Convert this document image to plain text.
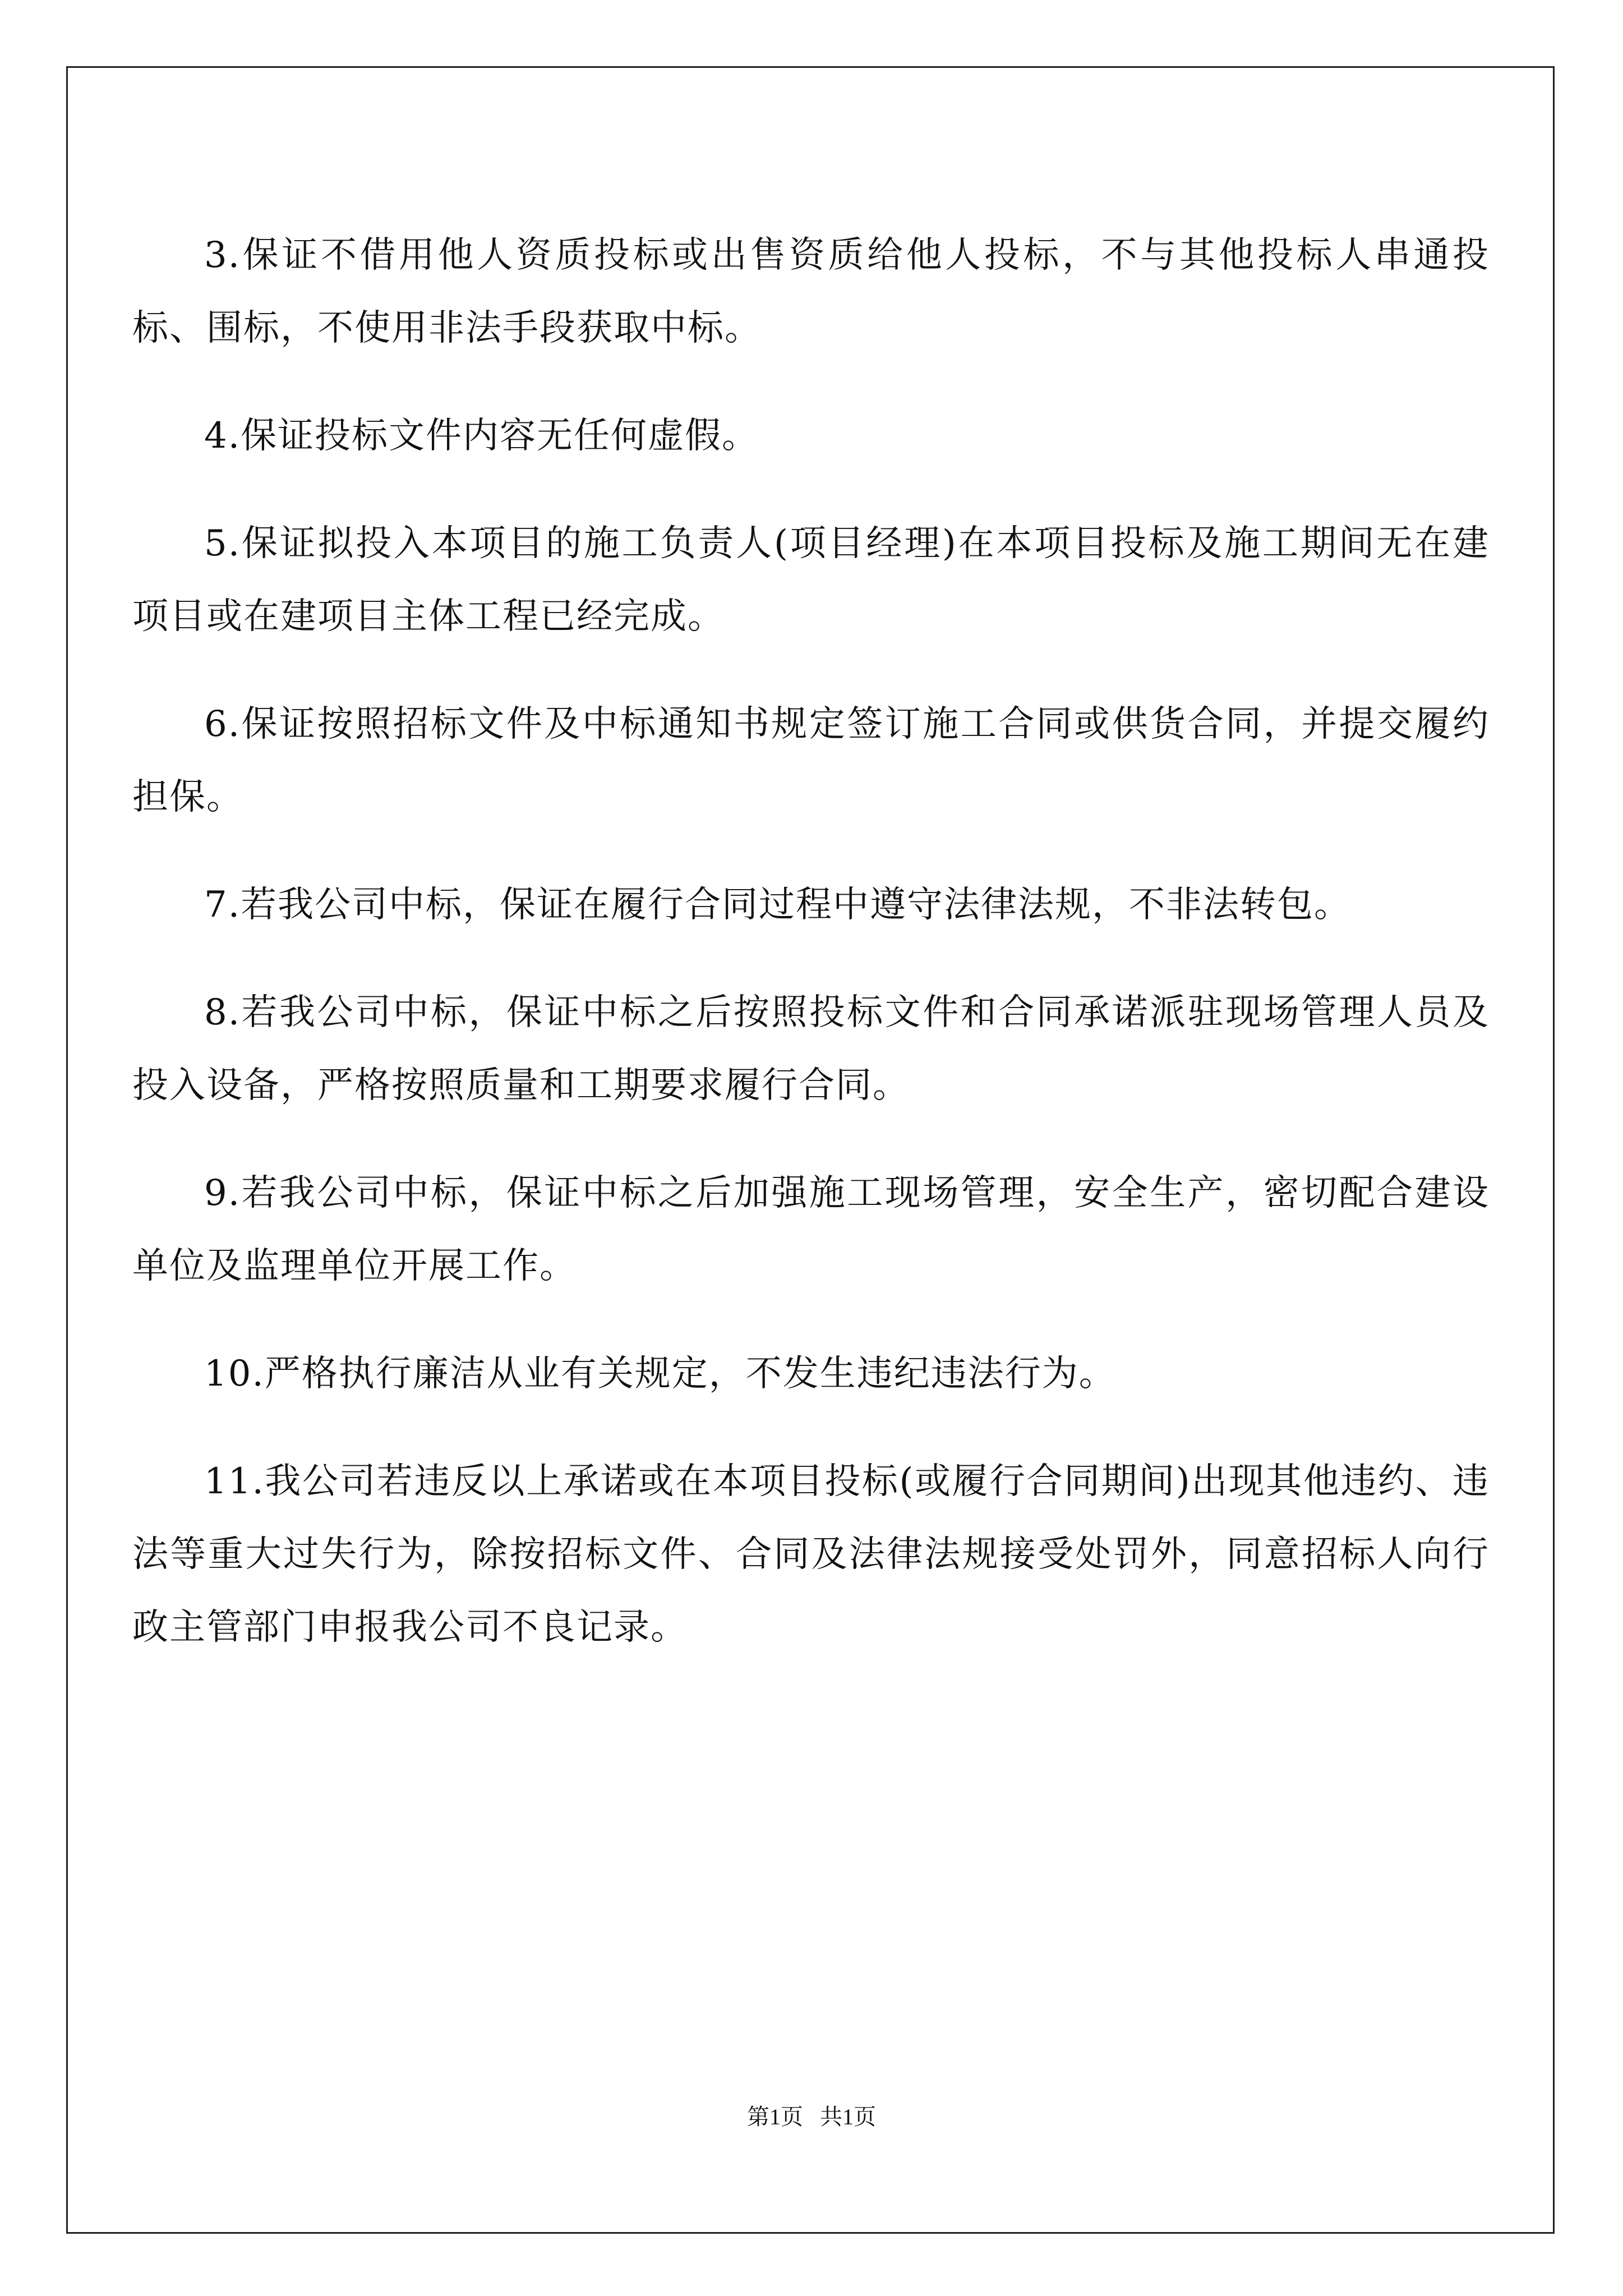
3.保证不借用他人资质投标或出售资质给他人投标，不与其他投标人串通投标、围标，不使用非法手段获取中标。

4.保证投标文件内容无任何虚假。

5.保证拟投入本项目的施工负责人(项目经理)在本项目投标及施工期间无在建项目或在建项目主体工程已经完成。

6.保证按照招标文件及中标通知书规定签订施工合同或供货合同，并提交履约担保。

7.若我公司中标，保证在履行合同过程中遵守法律法规，不非法转包。

8.若我公司中标，保证中标之后按照投标文件和合同承诺派驻现场管理人员及投入设备，严格按照质量和工期要求履行合同。

9.若我公司中标，保证中标之后加强施工现场管理，安全生产，密切配合建设单位及监理单位开展工作。

10.严格执行廉洁从业有关规定，不发生违纪违法行为。

11.我公司若违反以上承诺或在本项目投标(或履行合同期间)出现其他违约、违法等重大过失行为，除按招标文件、合同及法律法规接受处罚外，同意招标人向行政主管部门申报我公司不良记录。

第1页   共1页
